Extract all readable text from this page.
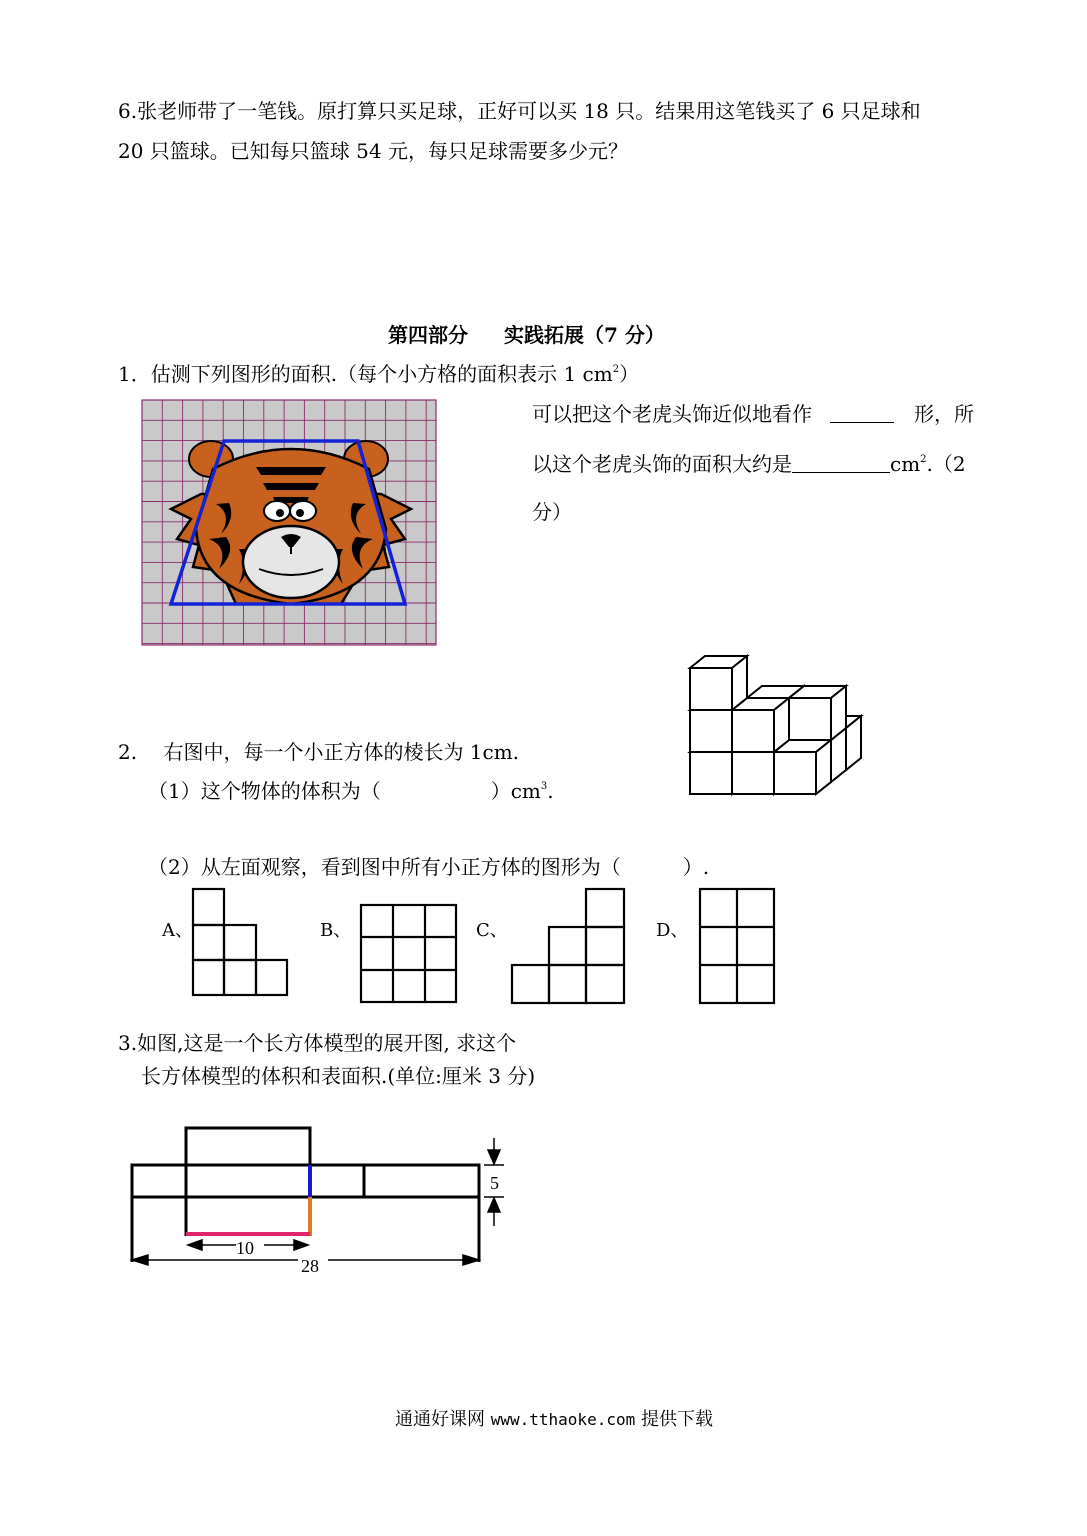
6.张老师带了一笔钱。原打算只买足球，正好可以买 18 只。结果用这笔钱买了 6 只足球和
20 只篮球。已知每只篮球 54 元，每只足球需要多少元？
第四部分 实践拓展（7 分）
1．估测下列图形的面积.（每个小方格的面积表示 1 $cm^2$）
可以把这个老虎头饰近似地看作	形，所
以这个老虎头饰的面积大约是	$cm^2.(2$
分）
2.　 右图中，每一个小正方体的棱长为 1cm.
（1）这个物体的体积为（	）$cm^3$.
（2）从左面观察，看到图中所有小正方体的图形为（	）.
A、	B、	C、	D、
3.如图,这是一个长方体模型的展开图, 求这个
长方体模型的体积和表面积.(单位:厘米 3 分)
10
28
5
通通好课网 www.tthaoke.com 提供下载
